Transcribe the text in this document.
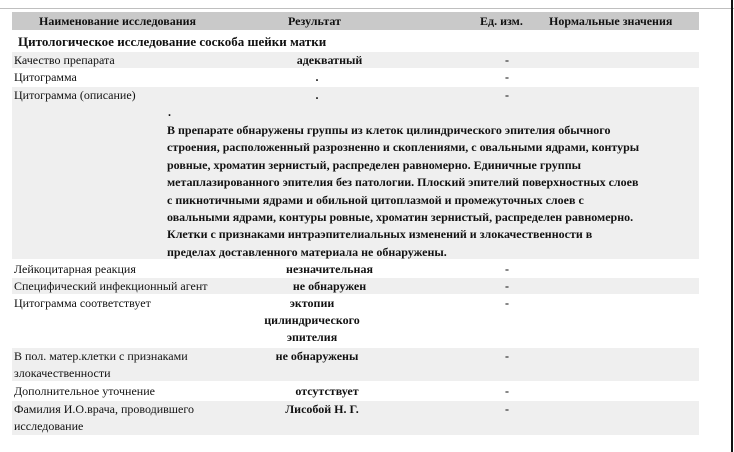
Наименование исследования	Результат	Ед. изм. Нормальные значения
Цитологическое исследование соскоба шейки матки
Качество препарата	адекватный	-
Цитограмма	.	-
Цитограмма (описание)	.	-
.
В препарате обнаружены группы из клеток цилиндрического эпителия обычного
строения, расположенный разрозненно и скоплениями, с овальными ядрами, контуры
ровные, хроматин зернистый, распределен равномерно. Единичные группы
метаплазированного эпителия без патологии. Плоский эпителий поверхностных слоев
с пикнотичными ядрами и обильной цитоплазмой и промежуточных слоев с
овальными ядрами, контуры ровные, хроматин зернистый, распределен равномерно.
Клетки с признаками интраэпителиальных изменений и злокачественности в
пределах доставленного материала не обнаружены.
Лейкоцитарная реакция	незначительная	-
Специфический инфекционный агент	не обнаружен	-
Цитограмма соответствует	эктопии
цилиндрического
эпителия
-
В пол. матер.клетки с признаками
злокачественности
не обнаружены	-
Дополнительное уточнение	отсутствует	-
Фамилия И.О.врача, проводившего
исследование
Лисобой Н. Г.	-
